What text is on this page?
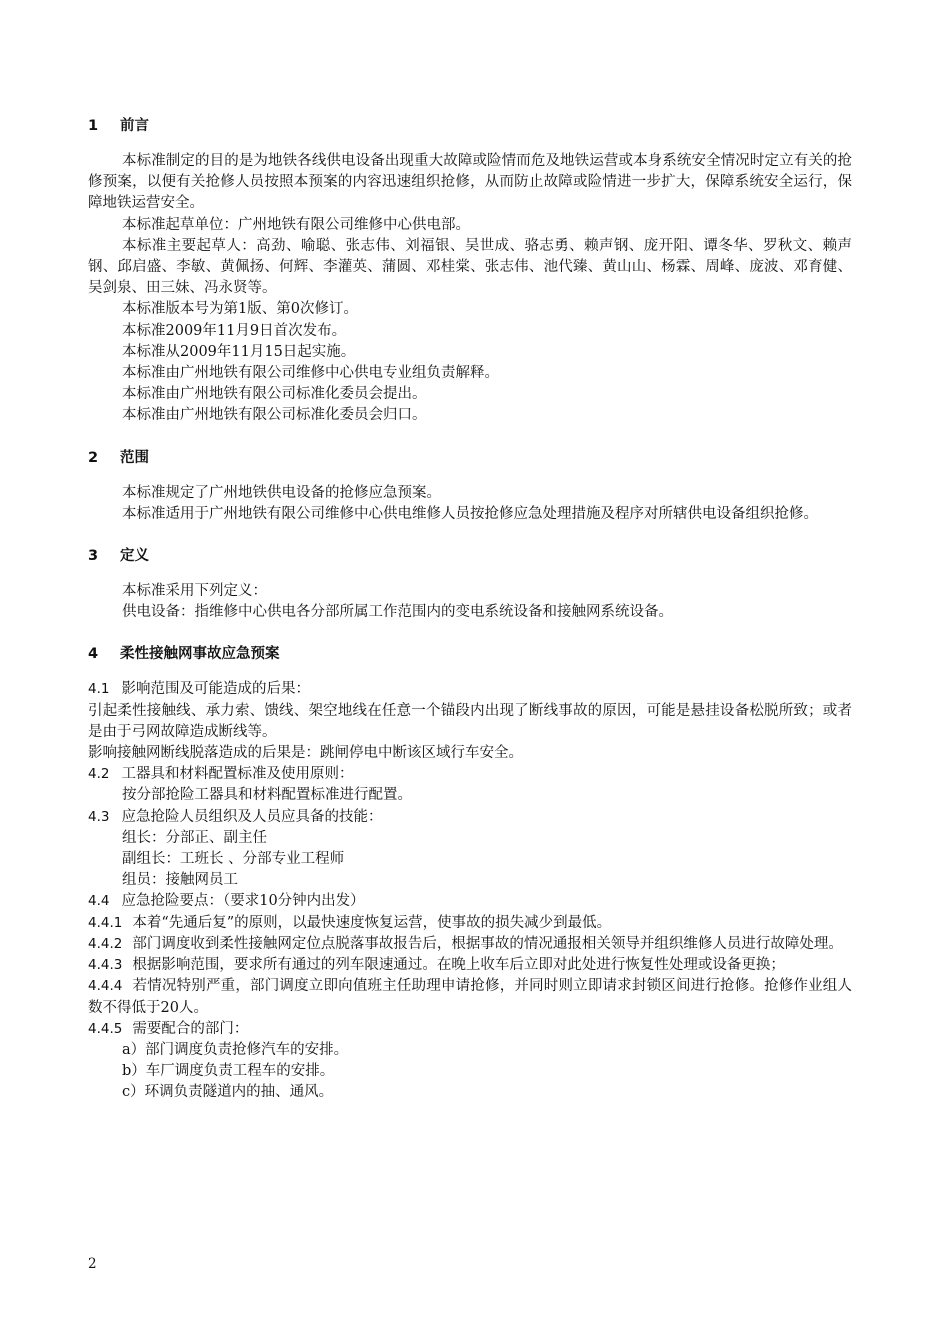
1 前言

本标准制定的目的是为地铁各线供电设备出现重大故障或险情而危及地铁运营或本身系统安全情况时定立有关的抢修预案，以便有关抢修人员按照本预案的内容迅速组织抢修，从而防止故障或险情进一步扩大，保障系统安全运行，保障地铁运营安全。

本标准起草单位：广州地铁有限公司维修中心供电部。

本标准主要起草人：高劲、喻聪、张志伟、刘福银、吴世成、骆志勇、赖声钢、庞开阳、谭冬华、罗秋文、赖声钢、邱启盛、李敏、黄佩扬、何辉、李灌英、蒲圆、邓桂棠、张志伟、池代臻、黄山山、杨霖、周峰、庞波、邓育健、吴剑泉、田三妹、冯永贤等。

本标准版本号为第1版、第0次修订。

本标准2009年11月9日首次发布。

本标准从2009年11月15日起实施。

本标准由广州地铁有限公司维修中心供电专业组负责解释。

本标准由广州地铁有限公司标准化委员会提出。

本标准由广州地铁有限公司标准化委员会归口。

2 范围

本标准规定了广州地铁供电设备的抢修应急预案。

本标准适用于广州地铁有限公司维修中心供电维修人员按抢修应急处理措施及程序对所辖供电设备组织抢修。

3 定义

本标准采用下列定义：

供电设备：指维修中心供电各分部所属工作范围内的变电系统设备和接触网系统设备。

4 柔性接触网事故应急预案

4.1 影响范围及可能造成的后果：

引起柔性接触线、承力索、馈线、架空地线在任意一个锚段内出现了断线事故的原因，可能是悬挂设备松脱所致；或者是由于弓网故障造成断线等。

影响接触网断线脱落造成的后果是：跳闸停电中断该区域行车安全。

4.2 工器具和材料配置标准及使用原则：

按分部抢险工器具和材料配置标准进行配置。

4.3 应急抢险人员组织及人员应具备的技能：

组长：分部正、副主任

副组长：工班长 、分部专业工程师

组员：接触网员工

4.4 应急抢险要点：（要求10分钟内出发）

4.4.1 本着“先通后复”的原则，以最快速度恢复运营，使事故的损失减少到最低。

4.4.2 部门调度收到柔性接触网定位点脱落事故报告后，根据事故的情况通报相关领导并组织维修人员进行故障处理。

4.4.3 根据影响范围，要求所有通过的列车限速通过。在晚上收车后立即对此处进行恢复性处理或设备更换；

4.4.4 若情况特别严重，部门调度立即向值班主任助理申请抢修，并同时则立即请求封锁区间进行抢修。抢修作业组人数不得低于20人。

4.4.5 需要配合的部门：

a）部门调度负责抢修汽车的安排。

b）车厂调度负责工程车的安排。

c）环调负责隧道内的抽、通风。

2
